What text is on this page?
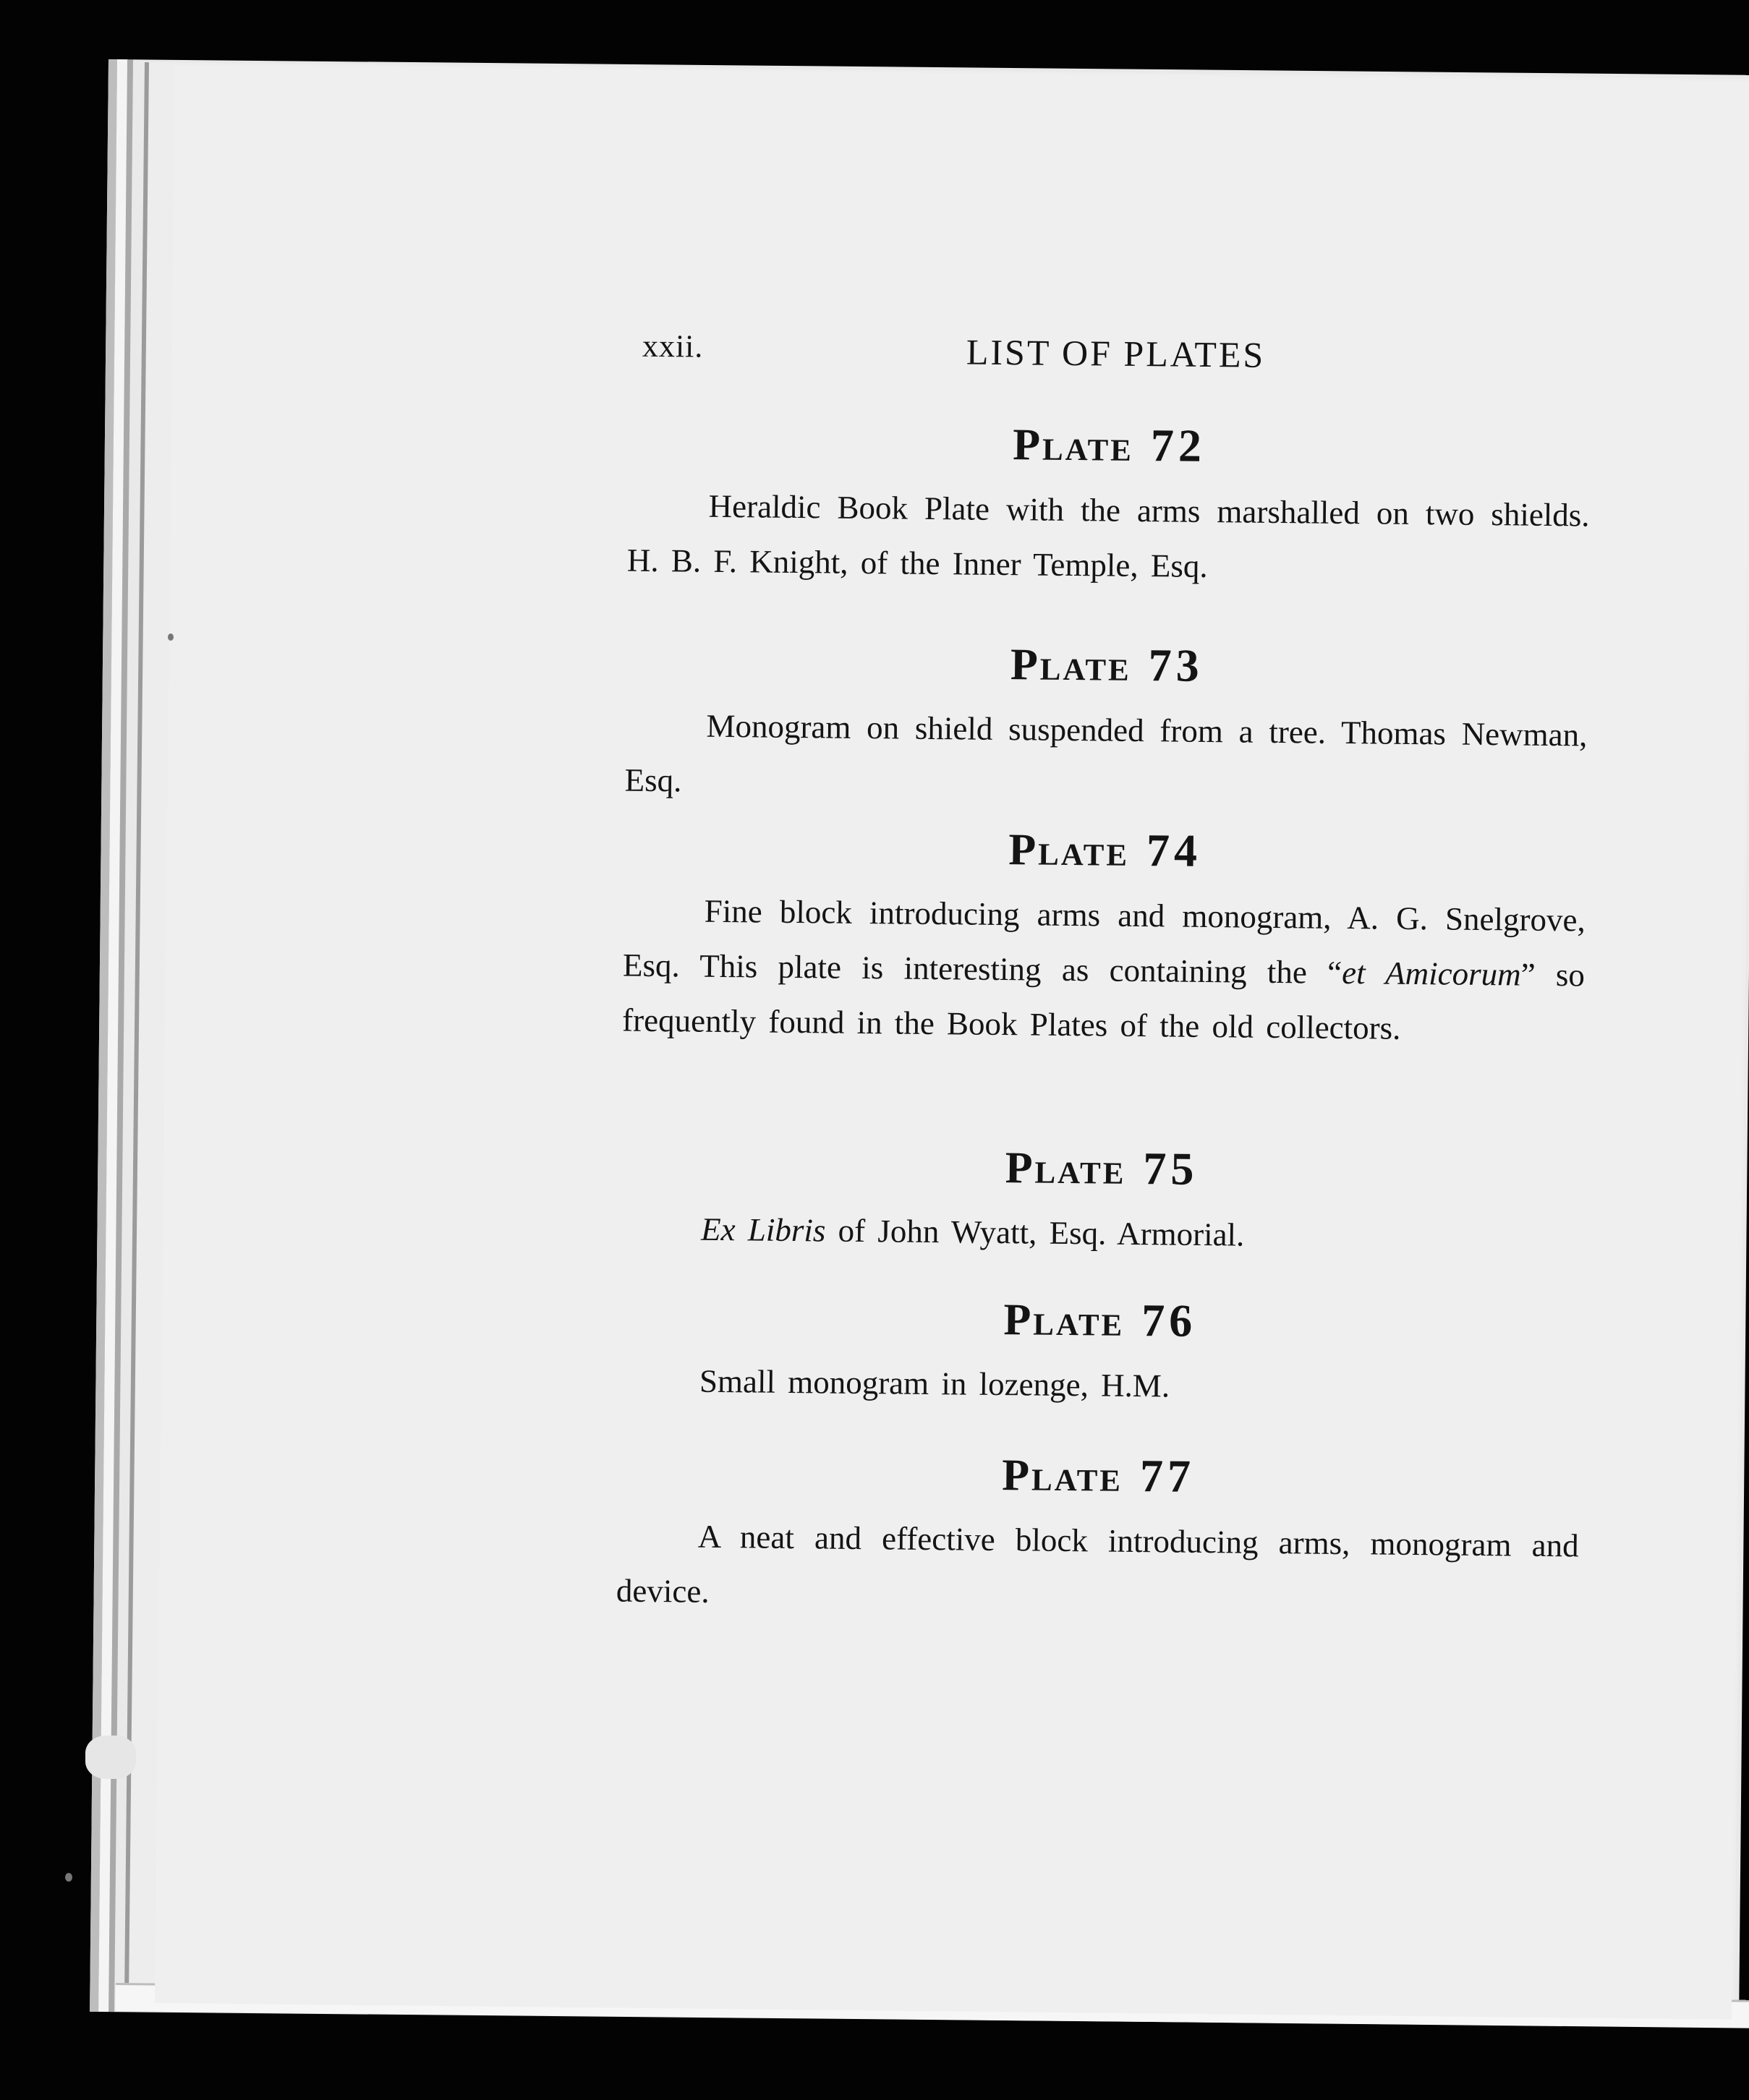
xxii.	LIST OF PLATES
Plate 72

Heraldic Book Plate with the arms marshalled on two shields. H. B. F. Knight, of the Inner Temple, Esq.

Plate 73

Monogram on shield suspended from a tree. Thomas Newman, Esq.

Plate 74

Fine block introducing arms and monogram, A. G. Snelgrove, Esq. This plate is interesting as containing the “et Amicorum” so frequently found in the Book Plates of the old collectors.

Plate 75

Ex Libris of John Wyatt, Esq. Armorial.

Plate 76

Small monogram in lozenge, H.M.

Plate 77

A neat and effective block introducing arms, monogram and device.
